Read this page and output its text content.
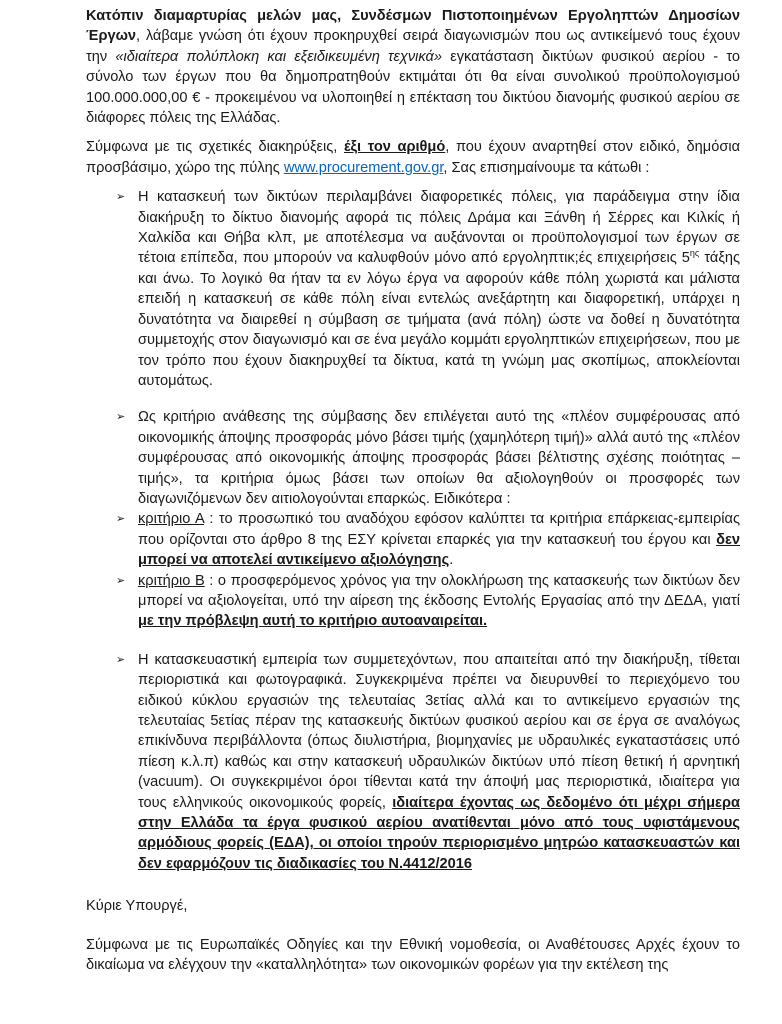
Κατόπιν διαμαρτυρίας μελών μας, Συνδέσμων Πιστοποιημένων Εργοληπτών Δημοσίων Έργων, λάβαμε γνώση ότι έχουν προκηρυχθεί σειρά διαγωνισμών που ως αντικείμενό τους έχουν την «ιδιαίτερα πολύπλοκη και εξειδικευμένη τεχνικά» εγκατάσταση δικτύων φυσικού αερίου - το σύνολο των έργων που θα δημοπρατηθούν εκτιμάται ότι θα είναι συνολικού προϋπολογισμού 100.000.000,00 € - προκειμένου να υλοποιηθεί η επέκταση του δικτύου διανομής φυσικού αερίου σε διάφορες πόλεις της Ελλάδας.

Σύμφωνα με τις σχετικές διακηρύξεις, έξι τον αριθμό, που έχουν αναρτηθεί στον ειδικό, δημόσια προσβάσιμο, χώρο της πύλης www.procurement.gov.gr, Σας επισημαίνουμε τα κάτωθι :

➢ Η κατασκευή των δικτύων περιλαμβάνει διαφορετικές πόλεις, για παράδειγμα στην ίδια διακήρυξη το δίκτυο διανομής αφορά τις πόλεις Δράμα και Ξάνθη ή Σέρρες και Κιλκίς ή Χαλκίδα και Θήβα κλπ, με αποτέλεσμα να αυξάνονται οι προϋπολογισμοί των έργων σε τέτοια επίπεδα, που μπορούν να καλυφθούν μόνο από εργοληπτικ;ές επιχειρήσεις $5^{\eta\varsigma}$ τάξης και άνω. Το λογικό θα ήταν τα εν λόγω έργα να αφορούν κάθε πόλη χωριστά και μάλιστα επειδή η κατασκευή σε κάθε πόλη είναι εντελώς ανεξάρτητη και διαφορετική, υπάρχει η δυνατότητα να διαιρεθεί η σύμβαση σε τμήματα (ανά πόλη) ώστε να δοθεί η δυνατότητα συμμετοχής στον διαγωνισμό και σε ένα μεγάλο κομμάτι εργοληπτικών επιχειρήσεων, που με τον τρόπο που έχουν διακηρυχθεί τα δίκτυα, κατά τη γνώμη μας σκοπίμως, αποκλείονται αυτομάτως.
➢ Ως κριτήριο ανάθεσης της σύμβασης δεν επιλέγεται αυτό της «πλέον συμφέρουσας από οικονομικής άποψης προσφοράς μόνο βάσει τιμής (χαμηλότερη τιμή)» αλλά αυτό της «πλέον συμφέρουσας από οικονομικής άποψης προσφοράς βάσει βέλτιστης σχέσης ποιότητας – τιμής», τα κριτήρια όμως βάσει των οποίων θα αξιολογηθούν οι προσφορές των διαγωνιζόμενων δεν αιτιολογούνται επαρκώς. Ειδικότερα :
➢ κριτήριο Α : το προσωπικό του αναδόχου εφόσον καλύπτει τα κριτήρια επάρκειας-εμπειρίας που ορίζονται στο άρθρο 8 της ΕΣΥ κρίνεται επαρκές για την κατασκευή του έργου και δεν μπορεί να αποτελεί αντικείμενο αξιολόγησης.
➢ κριτήριο Β : ο προσφερόμενος χρόνος για την ολοκλήρωση της κατασκευής των δικτύων δεν μπορεί να αξιολογείται, υπό την αίρεση της έκδοσης Εντολής Εργασίας από την ΔΕΔΑ, γιατί με την πρόβλεψη αυτή το κριτήριο αυτοαναιρείται.
➢ Η κατασκευαστική εμπειρία των συμμετεχόντων, που απαιτείται από την διακήρυξη, τίθεται περιοριστικά και φωτογραφικά. Συγκεκριμένα πρέπει να διευρυνθεί το περιεχόμενο του ειδικού κύκλου εργασιών της τελευταίας 3ετίας αλλά και το αντικείμενο εργασιών της τελευταίας 5ετίας πέραν της κατασκευής δικτύων φυσικού αερίου και σε έργα σε αναλόγως επικίνδυνα περιβάλλοντα (όπως διυλιστήρια, βιομηχανίες με υδραυλικές εγκαταστάσεις υπό πίεση κ.λ.π) καθώς και στην κατασκευή υδραυλικών δικτύων υπό πίεση θετική ή αρνητική (vacuum). Οι συγκεκριμένοι όροι τίθενται κατά την άποψή μας περιοριστικά, ιδιαίτερα για τους ελληνικούς οικονομικούς φορείς, ιδιαίτερα έχοντας ως δεδομένο ότι μέχρι σήμερα στην Ελλάδα τα έργα φυσικού αερίου ανατίθενται μόνο από τους υφιστάμενους αρμόδιους φορείς (ΕΔΑ), οι οποίοι τηρούν περιορισμένο μητρώο κατασκευαστών και δεν εφαρμόζουν τις διαδικασίες του Ν.4412/2016

Κύριε Υπουργέ,

Σύμφωνα με τις Ευρωπαϊκές Οδηγίες και την Εθνική νομοθεσία, οι Αναθέτουσες Αρχές έχουν το δικαίωμα να ελέγχουν την «καταλληλότητα» των οικονομικών φορέων για την εκτέλεση της
